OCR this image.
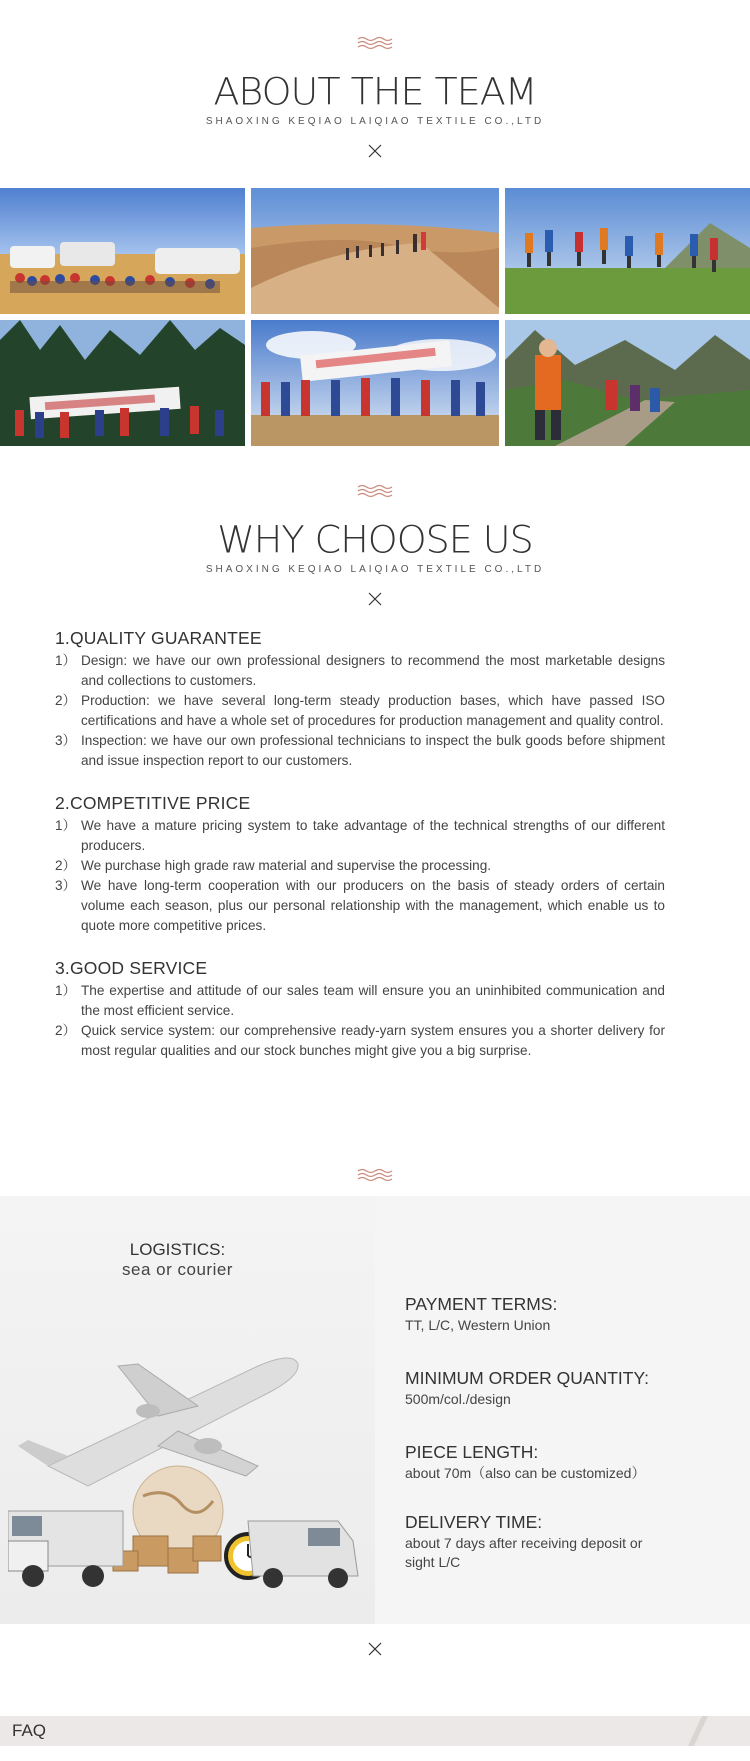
ABOUT THE TEAM
SHAOXING KEQIAO LAIQIAO TEXTILE CO.,LTD
WHY CHOOSE US
SHAOXING KEQIAO LAIQIAO TEXTILE CO.,LTD
1.QUALITY GUARANTEE
1） Design: we have our own professional designers to recommend the most marketable designs and collections to customers.
2） Production: we have several long-term steady production bases, which have passed ISO certifications and have a whole set of procedures for production management and quality control.
3） Inspection: we have our own professional technicians to inspect the bulk goods before shipment and issue inspection report to our customers.
2.COMPETITIVE PRICE
1） We have a mature pricing system to take advantage of the technical strengths of our different producers.
2） We purchase high grade raw material and supervise the processing.
3） We have long-term cooperation with our producers on the basis of steady orders of certain volume each season, plus our personal relationship with the management, which enable us to quote more competitive prices.
3.GOOD SERVICE
1） The expertise and attitude of our sales team will ensure you an uninhibited communication and the most efficient service.
2） Quick service system: our comprehensive ready-yarn system ensures you a shorter delivery for most regular qualities and our stock bunches might give you a big surprise.
LOGISTICS:
sea or courier
PAYMENT TERMS:
TT, L/C, Western Union
MINIMUM ORDER QUANTITY:
500m/col./design
PIECE LENGTH:
about 70m（also can be customized）
DELIVERY TIME:
about 7 days after receiving deposit or sight L/C
FAQ
